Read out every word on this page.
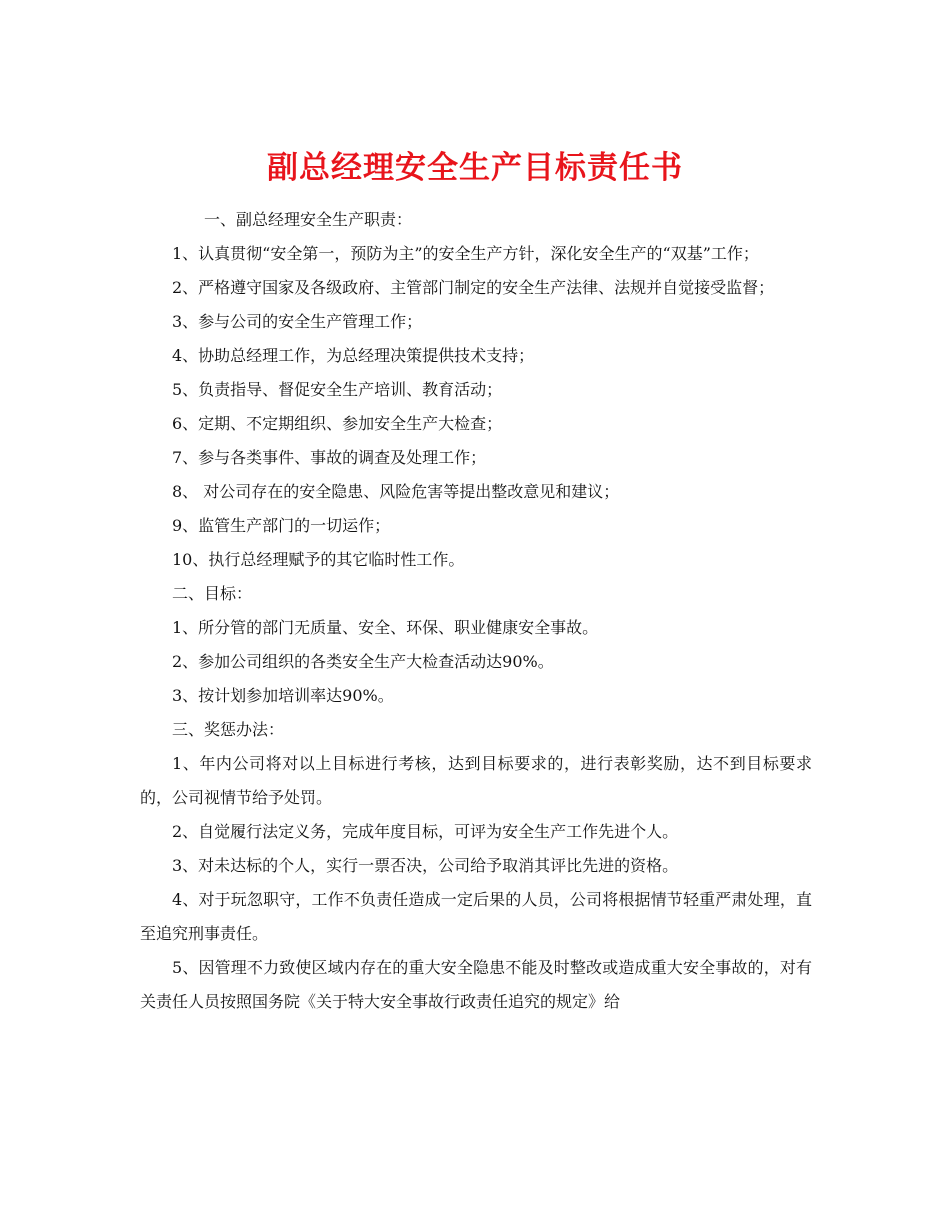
副总经理安全生产目标责任书

一、副总经理安全生产职责：

1、认真贯彻“安全第一，预防为主”的安全生产方针，深化安全生产的“双基”工作；

2、严格遵守国家及各级政府、主管部门制定的安全生产法律、法规并自觉接受监督；

3、参与公司的安全生产管理工作；

4、协助总经理工作，为总经理决策提供技术支持；

5、负责指导、督促安全生产培训、教育活动；

6、定期、不定期组织、参加安全生产大检查；

7、参与各类事件、事故的调查及处理工作；

8、 对公司存在的安全隐患、风险危害等提出整改意见和建议；

9、监管生产部门的一切运作；

10、执行总经理赋予的其它临时性工作。

二、目标：

1、所分管的部门无质量、安全、环保、职业健康安全事故。

2、参加公司组织的各类安全生产大检查活动达90%。

3、按计划参加培训率达90%。

三、奖惩办法：

1、年内公司将对以上目标进行考核，达到目标要求的，进行表彰奖励，达不到目标要求的，公司视情节给予处罚。

2、自觉履行法定义务，完成年度目标，可评为安全生产工作先进个人。

3、对未达标的个人，实行一票否决，公司给予取消其评比先进的资格。

4、对于玩忽职守，工作不负责任造成一定后果的人员，公司将根据情节轻重严肃处理，直至追究刑事责任。

5、因管理不力致使区域内存在的重大安全隐患不能及时整改或造成重大安全事故的，对有关责任人员按照国务院《关于特大安全事故行政责任追究的规定》给
